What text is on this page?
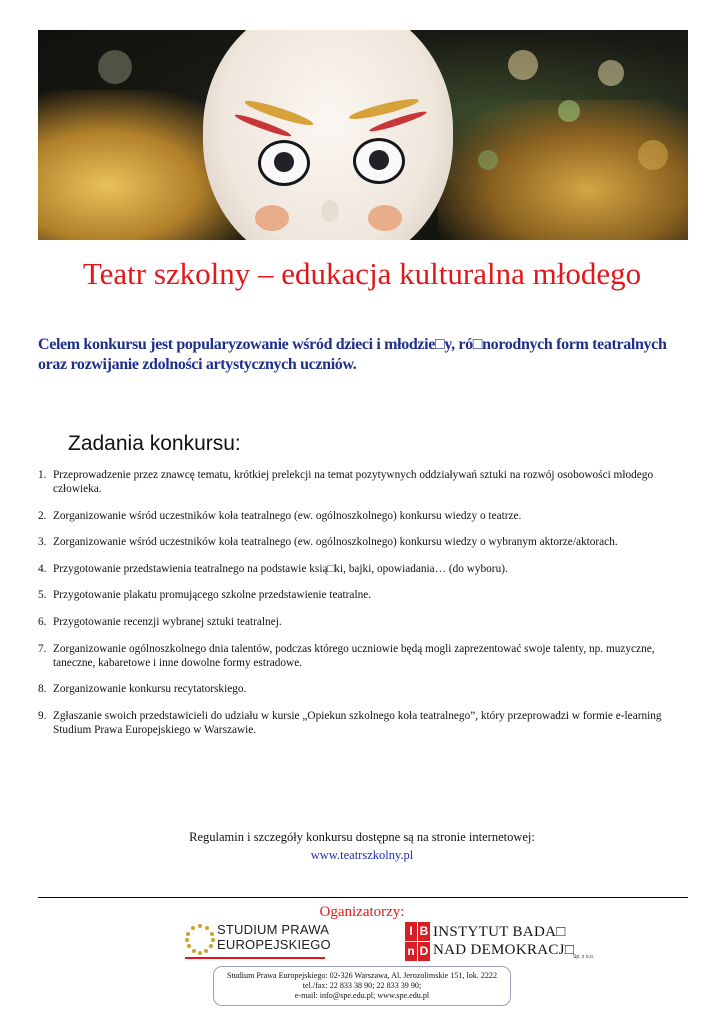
Teatr szkolny – edukacja kulturalna młodego
Celem konkursu jest popularyzowanie wśród dzieci i młodzie□y, ró□norodnych form teatralnych oraz rozwijanie zdolności artystycznych uczniów.
Zadania konkursu:
1. Przeprowadzenie przez znawcę tematu, krótkiej prelekcji na temat pozytywnych oddziaływań sztuki na rozwój osobowości młodego człowieka.
2. Zorganizowanie wśród uczestników koła teatralnego (ew. ogólnoszkolnego) konkursu wiedzy o teatrze.
3. Zorganizowanie wśród uczestników koła teatralnego (ew. ogólnoszkolnego) konkursu wiedzy o wybranym aktorze/aktorach.
4. Przygotowanie przedstawienia teatralnego na podstawie ksią□ki, bajki, opowiadania… (do wyboru).
5. Przygotowanie plakatu promującego szkolne przedstawienie teatralne.
6. Przygotowanie recenzji wybranej sztuki teatralnej.
7. Zorganizowanie ogólnoszkolnego dnia talentów, podczas którego uczniowie będą mogli zaprezentować swoje talenty, np. muzyczne, taneczne, kabaretowe i inne dowolne formy estradowe.
8. Zorganizowanie konkursu recytatorskiego.
9. Zgłaszanie swoich przedstawicieli do udziału w kursie „Opiekun szkolnego koła teatralnego”, który przeprowadzi w formie e-learning Studium Prawa Europejskiego w Warszawie.
Regulamin i szczegóły konkursu dostępne są na stronie internetowej:
www.teatrszkolny.pl
Oganizatorzy:
STUDIUM PRAWA
EUROPEJSKIEGO
I B
n D
INSTYTUT BADA□
NAD DEMOKRACJ□
Sp. z o.o.
Studium Prawa Europejskiego: 02-326 Warszawa, Al. Jerozolimskie 151, lok. 2222
tel./fax: 22 833 38 90; 22 833 39 90;
e-mail: info@spe.edu.pl; www.spe.edu.pl
